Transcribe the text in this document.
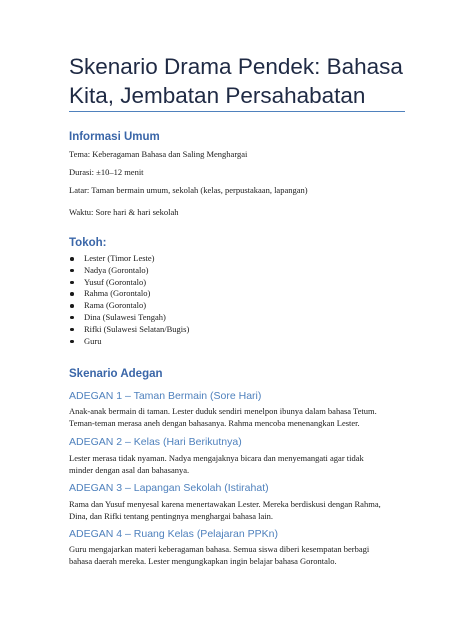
Skenario Drama Pendek: Bahasa Kita, Jembatan Persahabatan
Informasi Umum

Tema: Keberagaman Bahasa dan Saling Menghargai

Durasi: ±10–12 menit

Latar: Taman bermain umum, sekolah (kelas, perpustakaan, lapangan)

Waktu: Sore hari & hari sekolah

Tokoh:
Lester (Timor Leste)
Nadya (Gorontalo)
Yusuf (Gorontalo)
Rahma (Gorontalo)
Rama (Gorontalo)
Dina (Sulawesi Tengah)
Rifki (Sulawesi Selatan/Bugis)
Guru
Skenario Adegan
ADEGAN 1 – Taman Bermain (Sore Hari)

Anak-anak bermain di taman. Lester duduk sendiri menelpon ibunya dalam bahasa Tetum.

Teman-teman merasa aneh dengan bahasanya. Rahma mencoba menenangkan Lester.

ADEGAN 2 – Kelas (Hari Berikutnya)

Lester merasa tidak nyaman. Nadya mengajaknya bicara dan menyemangati agar tidak

minder dengan asal dan bahasanya.

ADEGAN 3 – Lapangan Sekolah (Istirahat)

Rama dan Yusuf menyesal karena menertawakan Lester. Mereka berdiskusi dengan Rahma,

Dina, dan Rifki tentang pentingnya menghargai bahasa lain.

ADEGAN 4 – Ruang Kelas (Pelajaran PPKn)

Guru mengajarkan materi keberagaman bahasa. Semua siswa diberi kesempatan berbagi

bahasa daerah mereka. Lester mengungkapkan ingin belajar bahasa Gorontalo.
